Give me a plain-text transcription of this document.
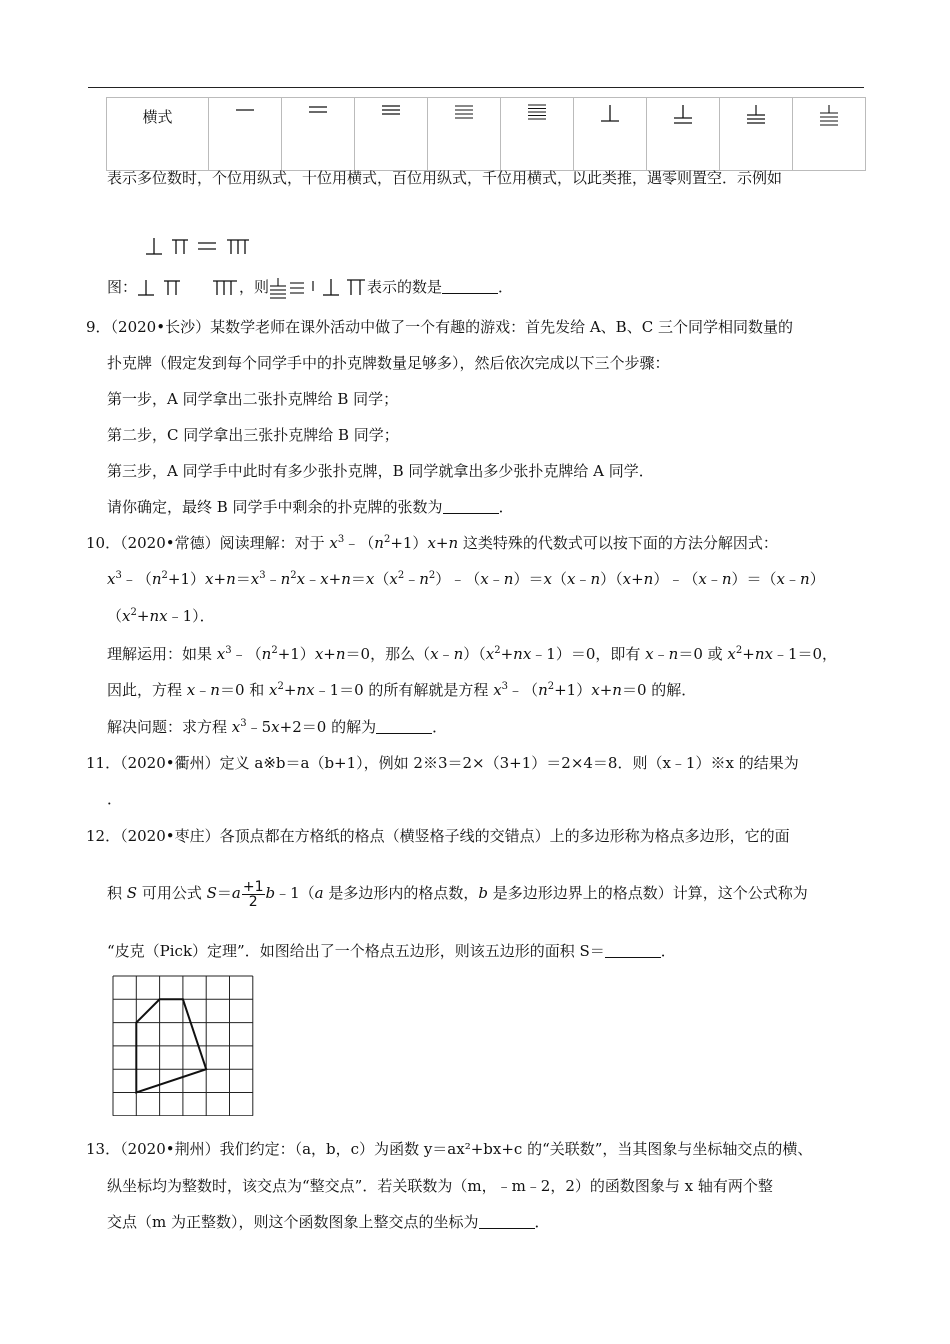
横式	

表示多位数时，个位用纵式，十位用横式，百位用纵式，千位用横式，以此类推，遇零则置空．示例如
图：	，则	表示的数是	．
9．（2020•长沙）某数学老师在课外活动中做了一个有趣的游戏：首先发给 A、B、C 三个同学相同数量的
扑克牌（假定发到每个同学手中的扑克牌数量足够多），然后依次完成以下三个步骤：
第一步，A 同学拿出二张扑克牌给 B 同学；
第二步，C 同学拿出三张扑克牌给 B 同学；
第三步，A 同学手中此时有多少张扑克牌，B 同学就拿出多少张扑克牌给 A 同学．
请你确定，最终 B 同学手中剩余的扑克牌的张数为	．
10．（2020•常德）阅读理解：对于 $x^3﹣(n^2+1)x+n$ 这类特殊的代数式可以按下面的方法分解因式：
$x^3﹣(n^2+1)x+n=x^3﹣n^2x﹣x+n=x(x^2﹣n^2)﹣(x﹣n)=x(x﹣n)(x+n)﹣(x﹣n)=(x﹣n)$
$(x^2+nx﹣1)$．
理解运用：如果 $x^3﹣(n^2+1)x+n=0$，那么$(x﹣n)(x^2+nx﹣1)=0$，即有 x﹣n＝0 或 $x^2+nx﹣1=0$，
因此，方程 x﹣n＝0 和 $x^2+nx﹣1=0$ 的所有解就是方程 $x^3﹣(n^2+1)x+n=0$ 的解．
解决问题：求方程 $x^3﹣5x+2=0$ 的解为	．
11．（2020•衢州）定义 a※b＝a（b+1），例如 2※3＝2×（3+1）＝2×4＝8．则（x﹣1）※x 的结果为
．
12．（2020•枣庄）各顶点都在方格纸的格点（横竖格子线的交错点）上的多边形称为格点多边形，它的面
积 S 可用公式 $S=a \frac{+1}{2}$ b﹣1（a 是多边形内的格点数，b 是多边形边界上的格点数）计算，这个公式称为
“皮克（Pick）定理”．如图给出了一个格点五边形，则该五边形的面积 S＝	．
13．（2020•荆州）我们约定：（a，b，c）为函数 y＝ax²+bx+c 的“关联数”，当其图象与坐标轴交点的横、
纵坐标均为整数时，该交点为“整交点”．若关联数为（m，﹣m﹣2，2）的函数图象与 x 轴有两个整
交点（m 为正整数），则这个函数图象上整交点的坐标为	．
